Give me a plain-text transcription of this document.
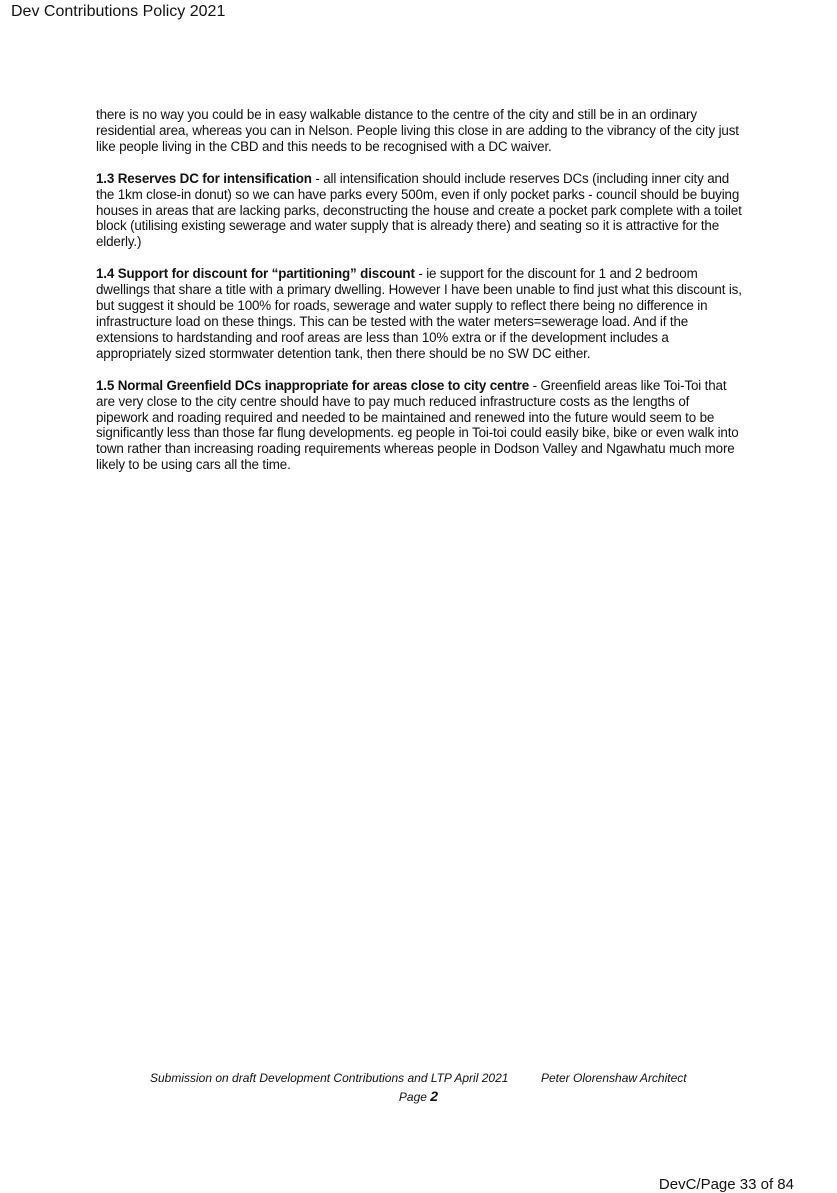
Dev Contributions Policy 2021

there is no way you could be in easy walkable distance to the centre of the city and still be in an ordinary residential area, whereas you can in Nelson. People living this close in are adding to the vibrancy of the city just like people living in the CBD and this needs to be recognised with a DC waiver.

1.3 Reserves DC for intensification - all intensification should include reserves DCs (including inner city and the 1km close-in donut) so we can have parks every 500m, even if only pocket parks - council should be buying houses in areas that are lacking parks, deconstructing the house and create a pocket park complete with a toilet block (utilising existing sewerage and water supply that is already there) and seating so it is attractive for the elderly.)

1.4 Support for discount for “partitioning” discount - ie support for the discount for 1 and 2 bedroom dwellings that share a title with a primary dwelling. However I have been unable to find just what this discount is, but suggest it should be 100% for roads, sewerage and water supply to reflect there being no difference in infrastructure load on these things. This can be tested with the water meters=sewerage load. And if the extensions to hardstanding and roof areas are less than 10% extra or if the development includes a appropriately sized stormwater detention tank, then there should be no SW DC either.

1.5 Normal Greenfield DCs inappropriate for areas close to city centre - Greenfield areas like Toi-Toi that are very close to the city centre should have to pay much reduced infrastructure costs as the lengths of pipework and roading required and needed to be maintained and renewed into the future would seem to be significantly less than those far flung developments. eg people in Toi-toi could easily bike, bike or even walk into town rather than increasing roading requirements whereas people in Dodson Valley and Ngawhatu much more likely to be using cars all the time.

Submission on draft Development Contributions and LTP April 2021	Peter Olorenshaw Architect
Page 2
DevC/Page 33 of 84
